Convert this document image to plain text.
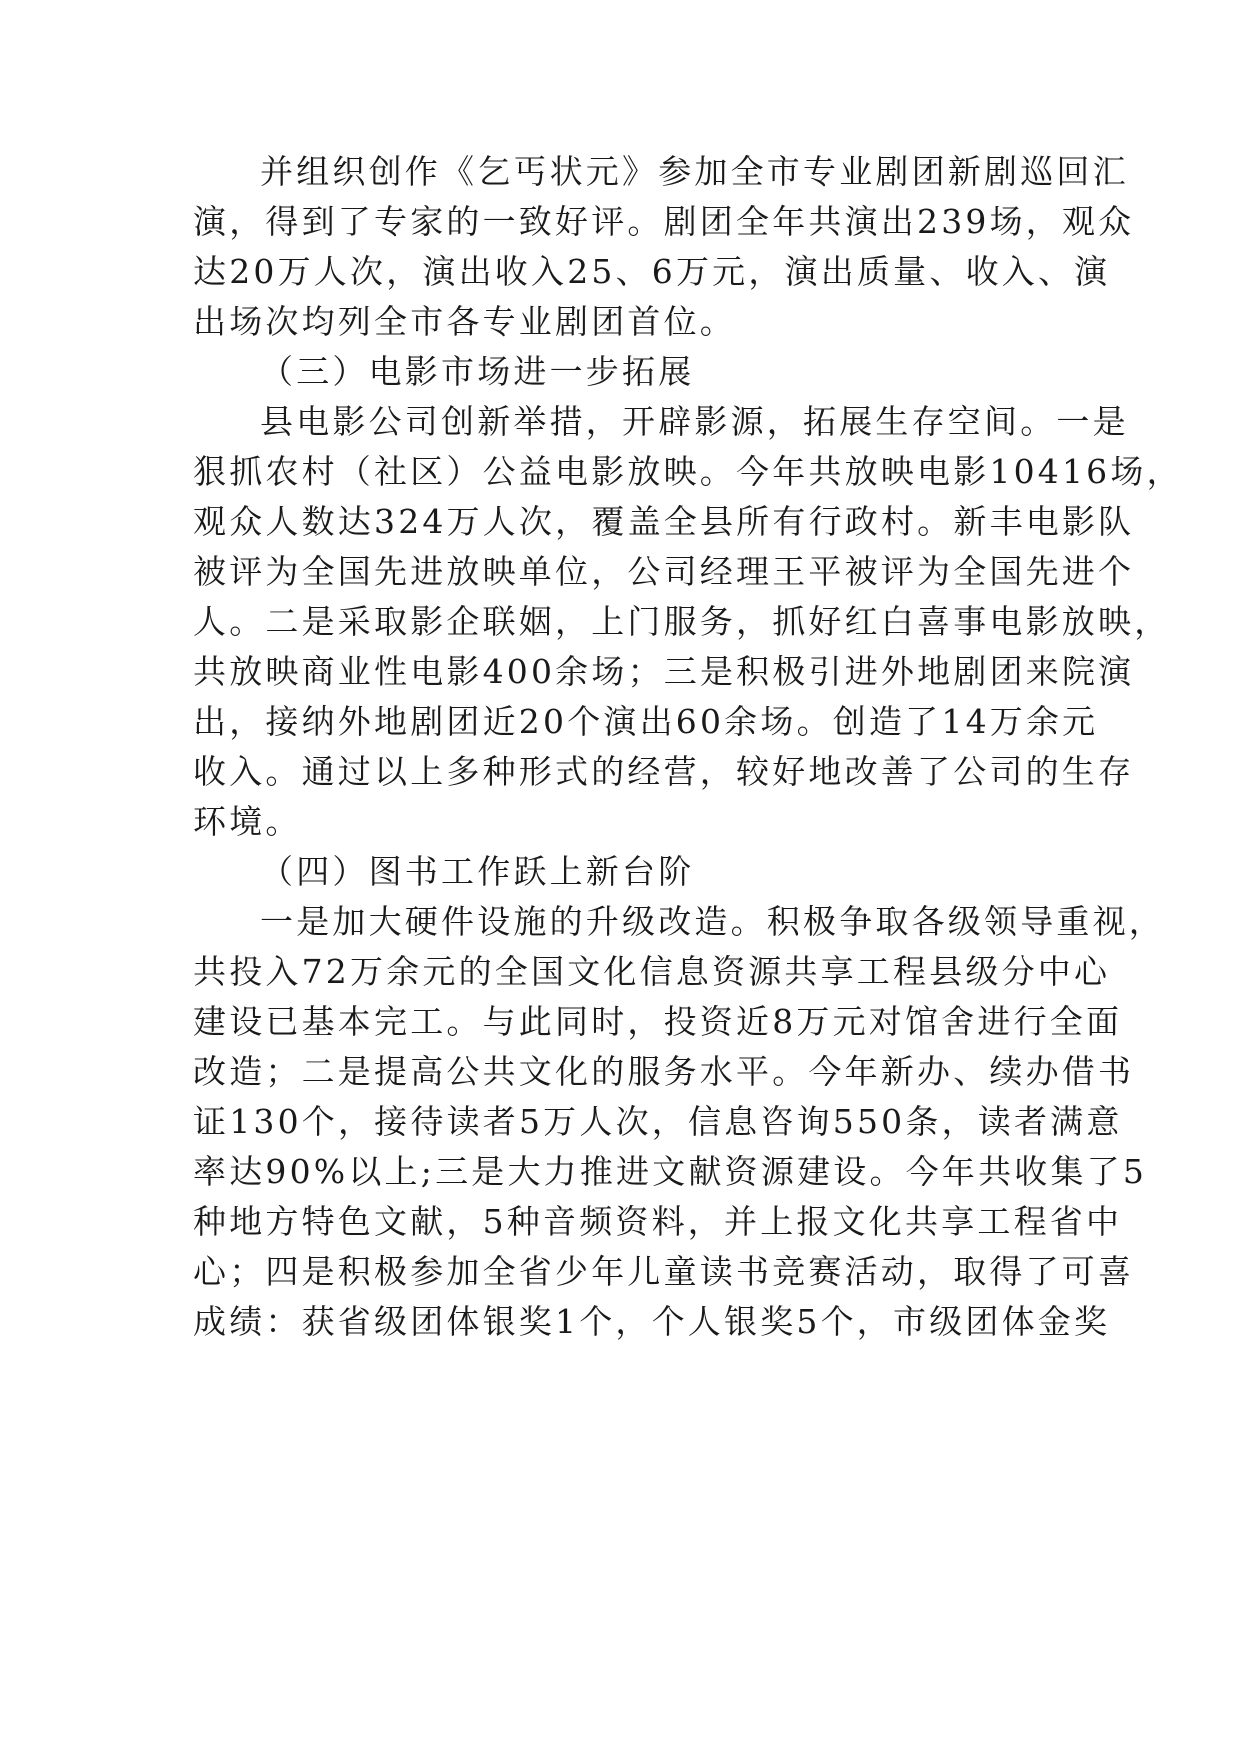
并组织创作《乞丐状元》参加全市专业剧团新剧巡回汇
演，得到了专家的一致好评。剧团全年共演出239场，观众
达20万人次，演出收入25、6万元，演出质量、收入、演
出场次均列全市各专业剧团首位。
（三）电影市场进一步拓展
县电影公司创新举措，开辟影源，拓展生存空间。一是
狠抓农村（社区）公益电影放映。今年共放映电影10416场，
观众人数达324万人次，覆盖全县所有行政村。新丰电影队
被评为全国先进放映单位，公司经理王平被评为全国先进个
人。二是采取影企联姻，上门服务，抓好红白喜事电影放映，
共放映商业性电影400余场；三是积极引进外地剧团来院演
出，接纳外地剧团近20个演出60余场。创造了14万余元
收入。通过以上多种形式的经营，较好地改善了公司的生存
环境。
（四）图书工作跃上新台阶
一是加大硬件设施的升级改造。积极争取各级领导重视，
共投入72万余元的全国文化信息资源共享工程县级分中心
建设已基本完工。与此同时，投资近8万元对馆舍进行全面
改造；二是提高公共文化的服务水平。今年新办、续办借书
证130个，接待读者5万人次，信息咨询550条，读者满意
率达90%以上;三是大力推进文献资源建设。今年共收集了5
种地方特色文献，5种音频资料，并上报文化共享工程省中
心；四是积极参加全省少年儿童读书竞赛活动，取得了可喜
成绩：获省级团体银奖1个，个人银奖5个，市级团体金奖
